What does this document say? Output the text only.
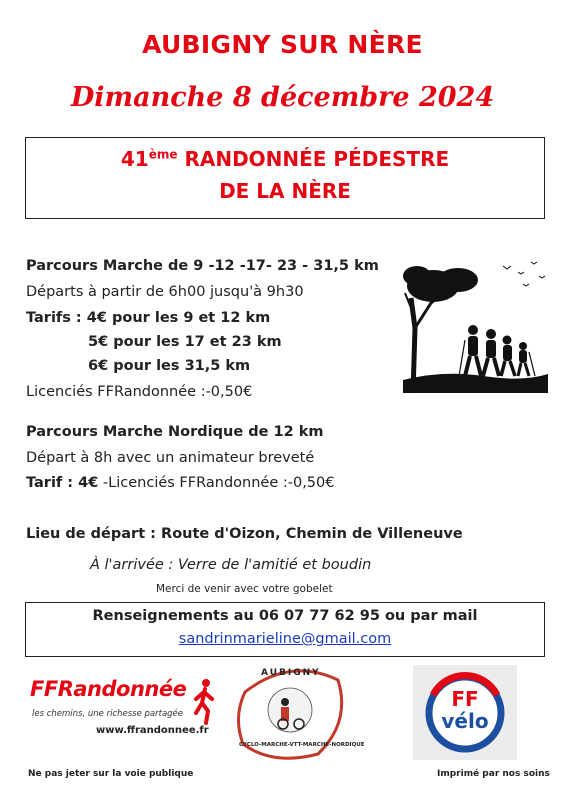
AUBIGNY SUR NÈRE
Dimanche 8 décembre 2024
41ème RANDONNÉE PÉDESTRE
DE LA NÈRE
Parcours Marche de 9 -12 -17- 23 - 31,5 km
Départs à partir de 6h00 jusqu'à 9h30
Tarifs : 4€ pour les 9 et 12 km
5€ pour les 17 et 23 km
6€ pour les 31,5 km
Licenciés FFRandonnée :-0,50€
Parcours Marche Nordique de 12 km
Départ à 8h avec un animateur breveté
Tarif : 4€ -Licenciés FFRandonnée :-0,50€
Lieu de départ : Route d'Oizon, Chemin de Villeneuve
À l'arrivée : Verre de l'amitié et boudin
Merci de venir avec votre gobelet
Renseignements au 06 07 77 62 95 ou par mail
sandrinmarieline@gmail.com
FFRandonnée
les chemins, une richesse partagée
www.ffrandonnee.fr
AUBIGNY
CYCLO-MARCHE-VTT-MARCHE-NORDIQUE
FF
vélo
Ne pas jeter sur la voie publique	Imprimé par nos soins
